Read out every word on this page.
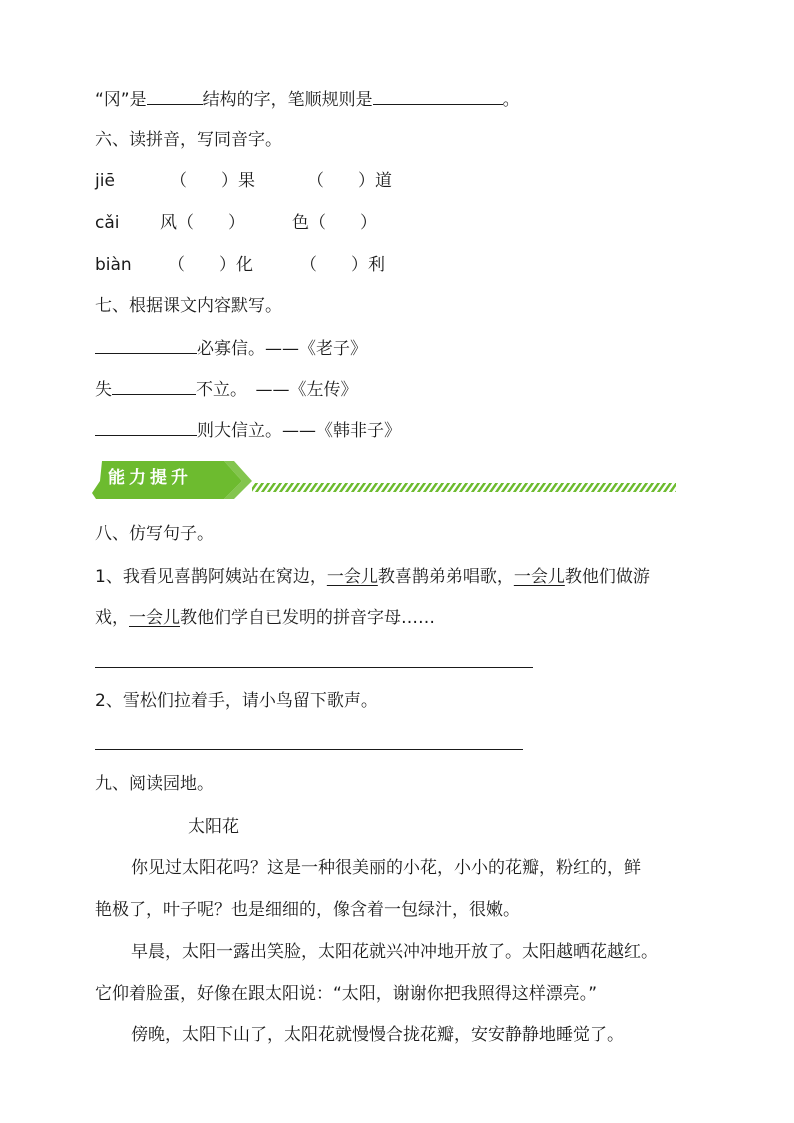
“冈”是	结构的字，笔顺规则是	。
六、读拼音，写同音字。
jiē	（　　）果	（　　）道
cǎi 风（　　）	色（　　）
biàn （　　）化	（　　）利
七、根据课文内容默写。
必寡信。——《老子》
失	不立。　——《左传》
则大信立。——《韩非子》
能力提升
八、仿写句子。
1、我看见喜鹊阿姨站在窝边，一会儿教喜鹊弟弟唱歌，一会儿教他们做游
戏，一会儿教他们学自已发明的拼音字母……
2、雪松们拉着手，请小鸟留下歌声。
九、阅读园地。
太阳花
你见过太阳花吗？这是一种很美丽的小花，小小的花瓣，粉红的，鲜
艳极了，叶子呢？也是细细的，像含着一包绿汁，很嫩。
早晨，太阳一露出笑脸，太阳花就兴冲冲地开放了。太阳越晒花越红。
它仰着脸蛋，好像在跟太阳说：“太阳，谢谢你把我照得这样漂亮。”
傍晚，太阳下山了，太阳花就慢慢合拢花瓣，安安静静地睡觉了。
